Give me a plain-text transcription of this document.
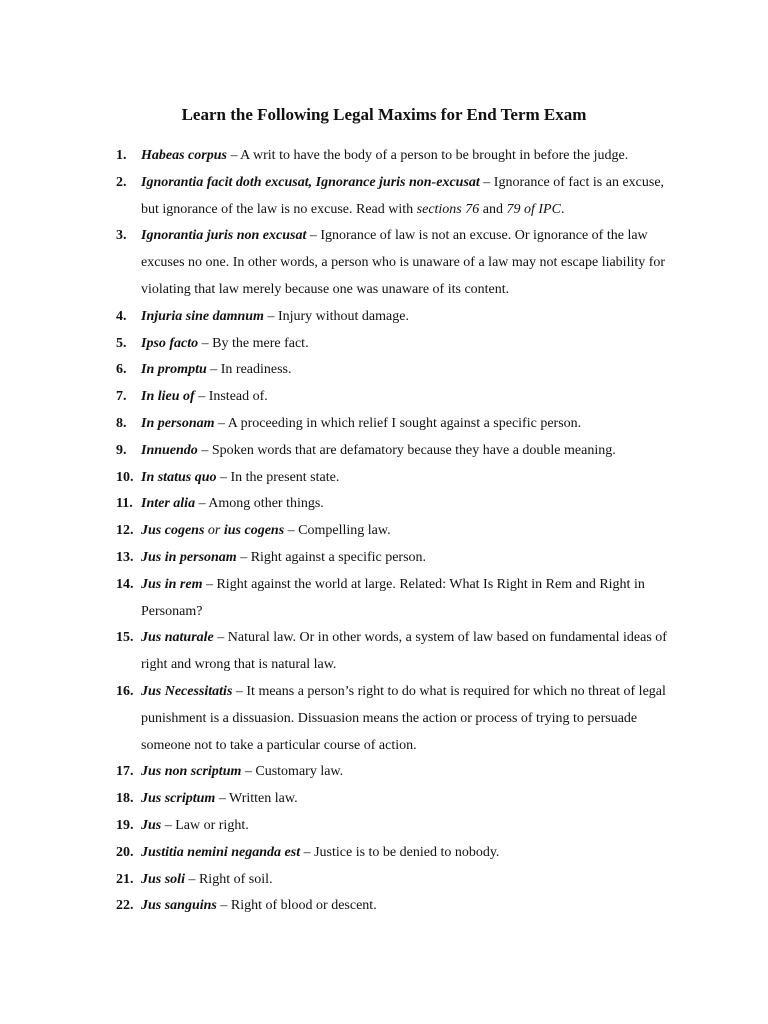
Learn the Following Legal Maxims for End Term Exam
1. Habeas corpus – A writ to have the body of a person to be brought in before the judge.
2. Ignorantia facit doth excusat, Ignorance juris non-excusat – Ignorance of fact is an excuse, but ignorance of the law is no excuse. Read with sections 76 and 79 of IPC.
3. Ignorantia juris non excusat – Ignorance of law is not an excuse. Or ignorance of the law excuses no one. In other words, a person who is unaware of a law may not escape liability for violating that law merely because one was unaware of its content.
4. Injuria sine damnum – Injury without damage.
5. Ipso facto – By the mere fact.
6. In promptu – In readiness.
7. In lieu of – Instead of.
8. In personam – A proceeding in which relief I sought against a specific person.
9. Innuendo – Spoken words that are defamatory because they have a double meaning.
10. In status quo – In the present state.
11. Inter alia – Among other things.
12. Jus cogens or ius cogens – Compelling law.
13. Jus in personam – Right against a specific person.
14. Jus in rem – Right against the world at large. Related: What Is Right in Rem and Right in Personam?
15. Jus naturale – Natural law. Or in other words, a system of law based on fundamental ideas of right and wrong that is natural law.
16. Jus Necessitatis – It means a person’s right to do what is required for which no threat of legal punishment is a dissuasion. Dissuasion means the action or process of trying to persuade someone not to take a particular course of action.
17. Jus non scriptum – Customary law.
18. Jus scriptum – Written law.
19. Jus – Law or right.
20. Justitia nemini neganda est – Justice is to be denied to nobody.
21. Jus soli – Right of soil.
22. Jus sanguins – Right of blood or descent.
